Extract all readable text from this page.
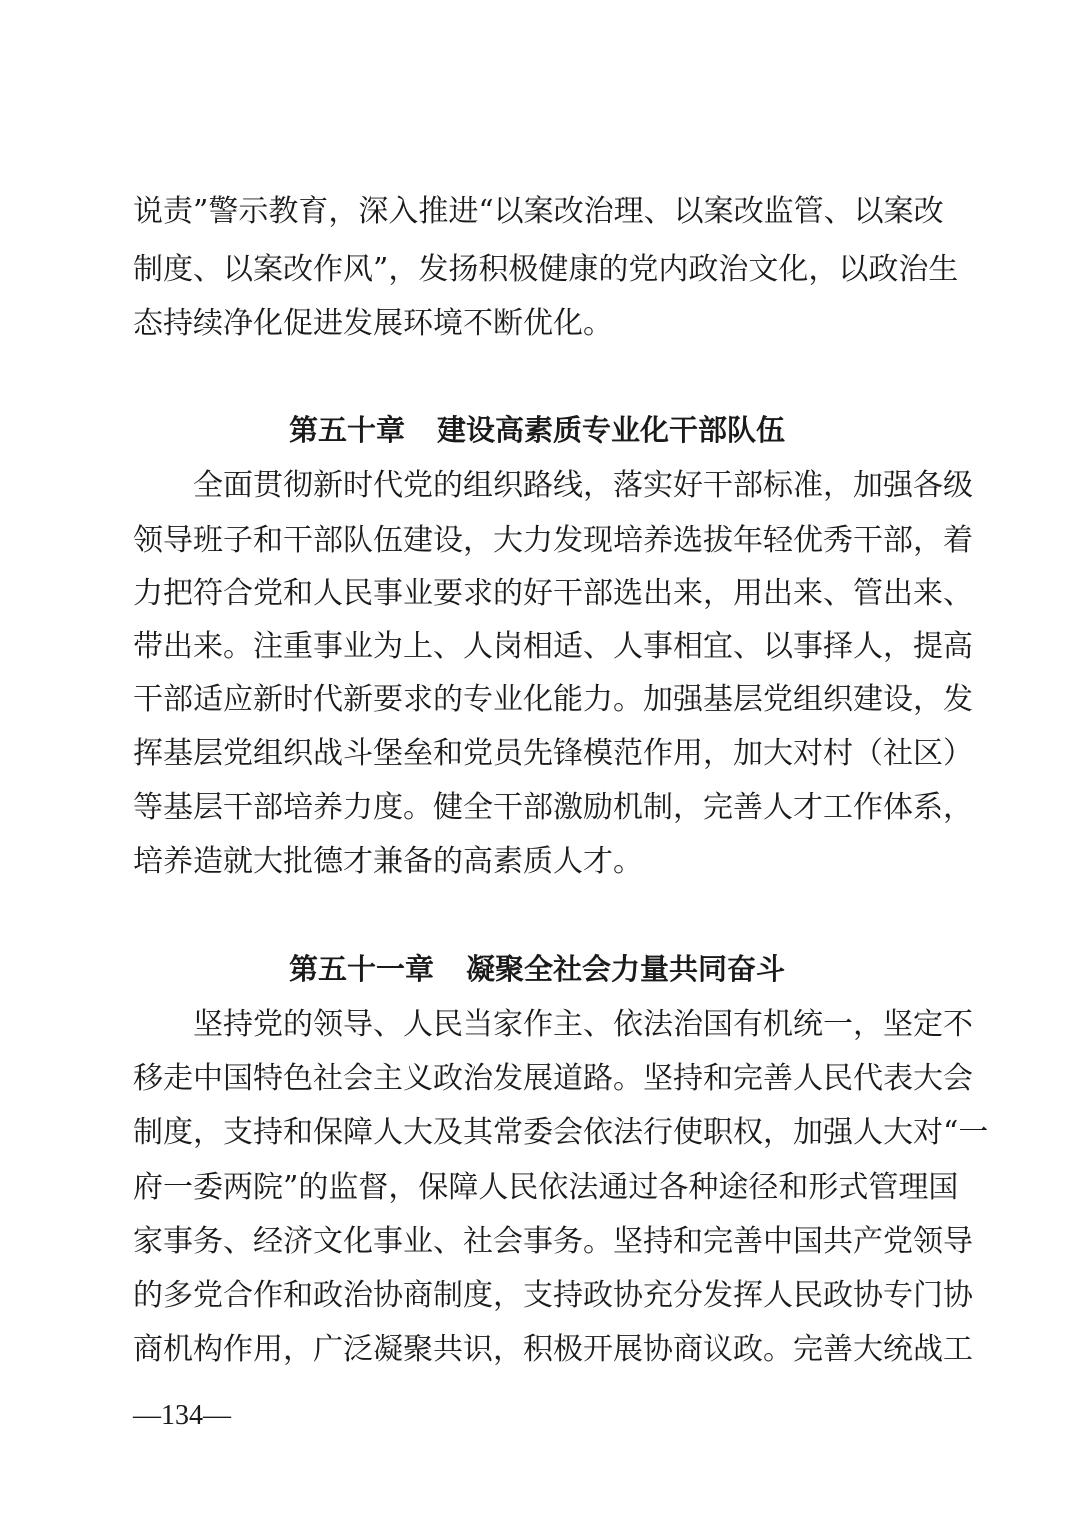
说责”警示教育，深入推进“以案改治理、以案改监管、以案改
制度、以案改作风”，发扬积极健康的党内政治文化，以政治生
态持续净化促进发展环境不断优化。
第五十章 建设高素质专业化干部队伍
全面贯彻新时代党的组织路线，落实好干部标准，加强各级
领导班子和干部队伍建设，大力发现培养选拔年轻优秀干部，着
力把符合党和人民事业要求的好干部选出来，用出来、管出来、
带出来。注重事业为上、人岗相适、人事相宜、以事择人，提高
干部适应新时代新要求的专业化能力。加强基层党组织建设，发
挥基层党组织战斗堡垒和党员先锋模范作用，加大对村（社区）
等基层干部培养力度。健全干部激励机制，完善人才工作体系，
培养造就大批德才兼备的高素质人才。
第五十一章 凝聚全社会力量共同奋斗
坚持党的领导、人民当家作主、依法治国有机统一，坚定不
移走中国特色社会主义政治发展道路。坚持和完善人民代表大会
制度，支持和保障人大及其常委会依法行使职权，加强人大对“一
府一委两院”的监督，保障人民依法通过各种途径和形式管理国
家事务、经济文化事业、社会事务。坚持和完善中国共产党领导
的多党合作和政治协商制度，支持政协充分发挥人民政协专门协
商机构作用，广泛凝聚共识，积极开展协商议政。完善大统战工
—134—
